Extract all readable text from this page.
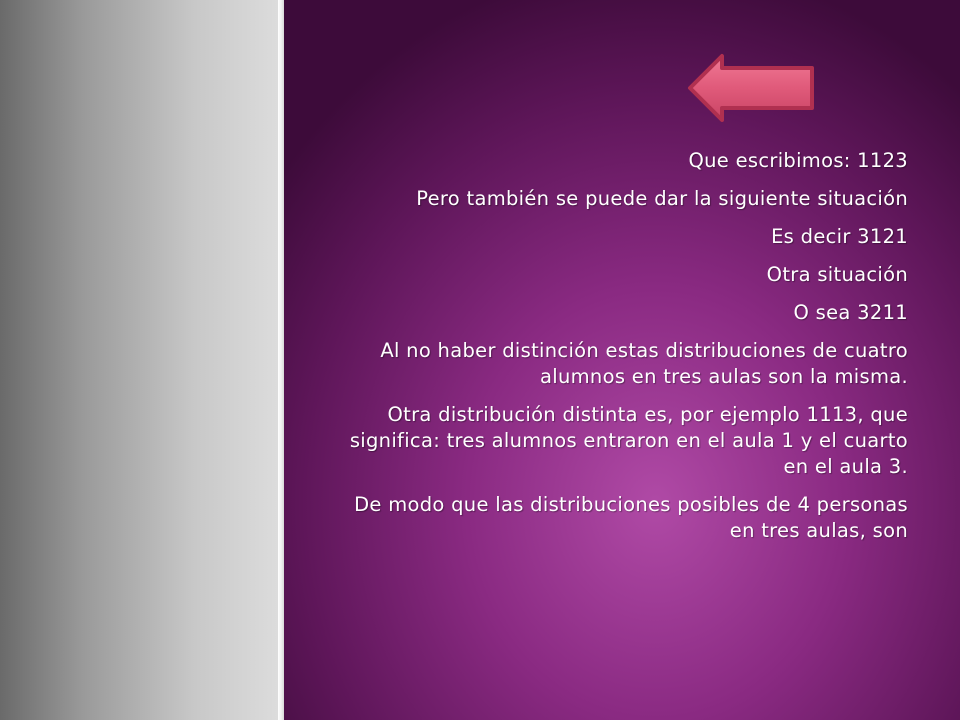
Que escribimos: 1123

Pero también se puede dar la siguiente situación

Es decir 3121

Otra situación

O sea 3211

Al no haber distinción estas distribuciones de cuatro alumnos en tres aulas son la misma.

Otra distribución distinta es, por ejemplo 1113, que significa: tres alumnos entraron en el aula 1 y el cuarto en el aula 3.

De modo que las distribuciones posibles de 4 personas en tres aulas, son
